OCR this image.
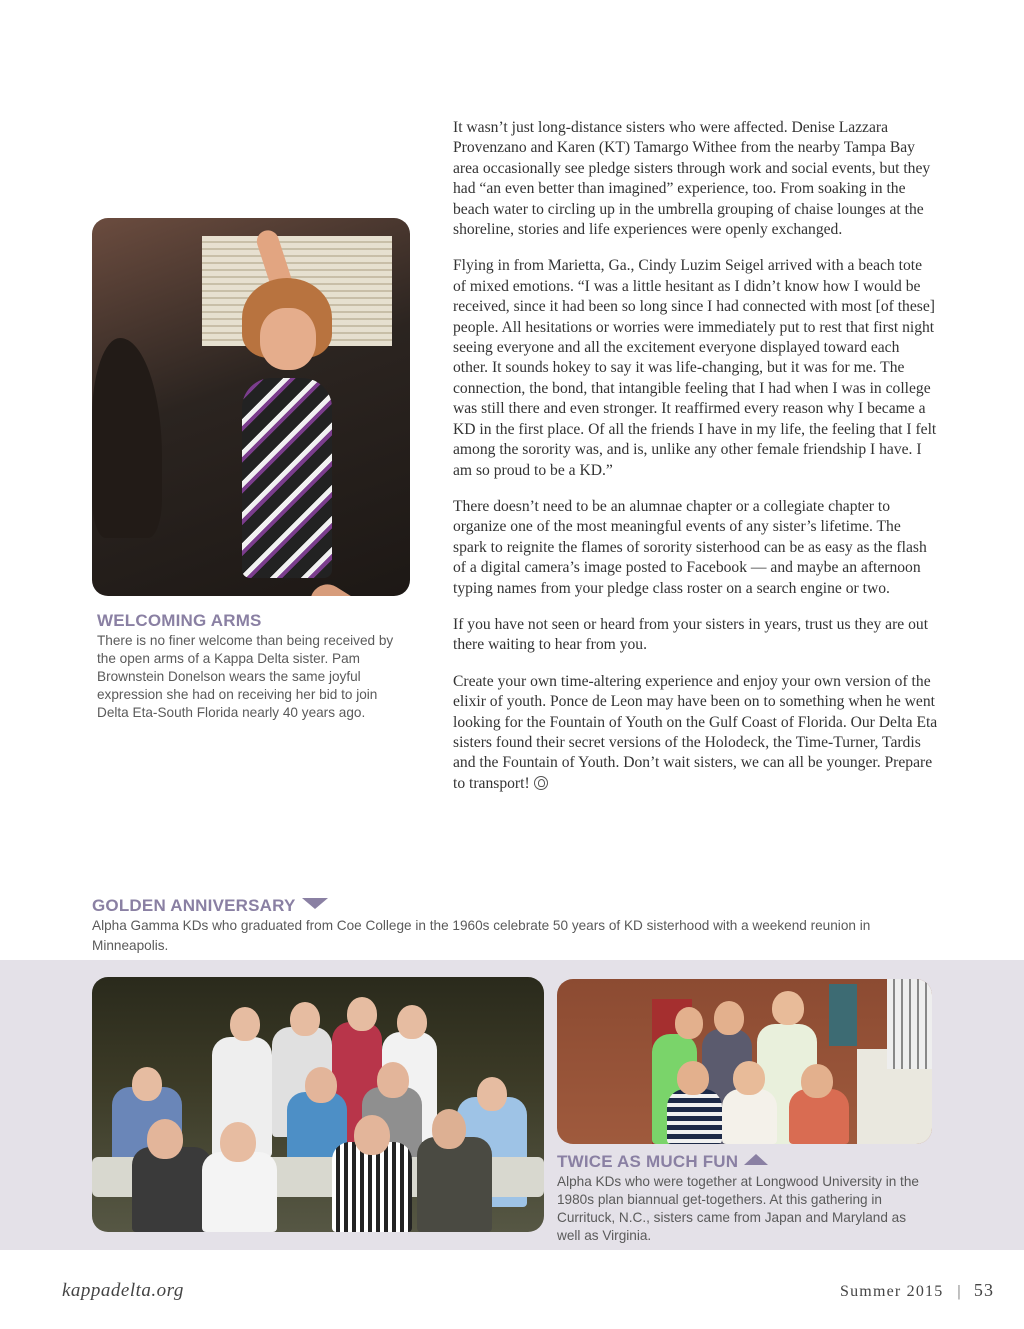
It wasn’t just long-distance sisters who were affected. Denise Lazzara Provenzano and Karen (KT) Tamargo Withee from the nearby Tampa Bay area occasionally see pledge sisters through work and social events, but they had “an even better than imagined” experience, too. From soaking in the beach water to circling up in the umbrella grouping of chaise lounges at the shoreline, stories and life experiences were openly exchanged.

Flying in from Marietta, Ga., Cindy Luzim Seigel arrived with a beach tote of mixed emotions. “I was a little hesitant as I didn’t know how I would be received, since it had been so long since I had connected with most [of these] people. All hesitations or worries were immediately put to rest that first night seeing everyone and all the excitement everyone displayed toward each other. It sounds hokey to say it was life-changing, but it was for me. The connection, the bond, that intangible feeling that I had when I was in college was still there and even stronger. It reaffirmed every reason why I became a KD in the first place. Of all the friends I have in my life, the feeling that I felt among the sorority was, and is, unlike any other female friendship I have. I am so proud to be a KD.”

There doesn’t need to be an alumnae chapter or a collegiate chapter to organize one of the most meaningful events of any sister’s lifetime. The spark to reignite the flames of sorority sisterhood can be as easy as the flash of a digital camera’s image posted to Facebook — and maybe an afternoon typing names from your pledge class roster on a search engine or two.

If you have not seen or heard from your sisters in years, trust us they are out there waiting to hear from you.

Create your own time-altering experience and enjoy your own version of the elixir of youth. Ponce de Leon may have been on to something when he went looking for the Fountain of Youth on the Gulf Coast of Florida. Our Delta Eta sisters found their secret versions of the Holodeck, the Time-Turner, Tardis and the Fountain of Youth. Don’t wait sisters, we can all be younger. Prepare to transport!

WELCOMING ARMS

There is no finer welcome than being received by the open arms of a Kappa Delta sister. Pam Brownstein Donelson wears the same joyful expression she had on receiving her bid to join Delta Eta-South Florida nearly 40 years ago.

GOLDEN ANNIVERSARY

Alpha Gamma KDs who graduated from Coe College in the 1960s celebrate 50 years of KD sisterhood with a weekend reunion in Minneapolis.

TWICE AS MUCH FUN

Alpha KDs who were together at Longwood University in the 1980s plan biannual get-togethers. At this gathering in Currituck, N.C., sisters came from Japan and Maryland as well as Virginia.

kappadelta.org	Summer 2015 | 53
